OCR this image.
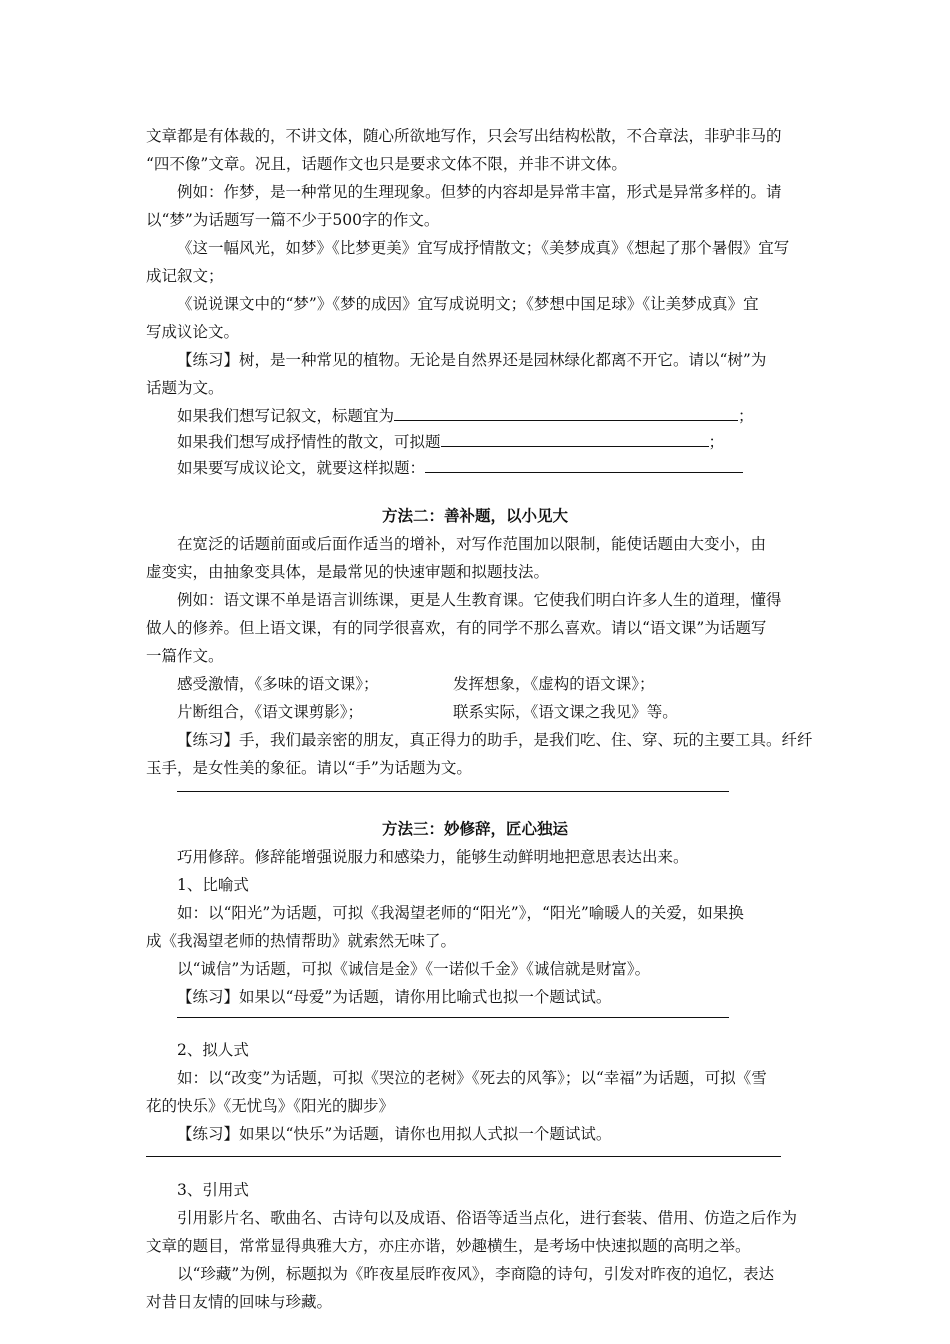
文章都是有体裁的，不讲文体，随心所欲地写作，只会写出结构松散，不合章法，非驴非马的
“四不像”文章。况且，话题作文也只是要求文体不限，并非不讲文体。
例如：作梦，是一种常见的生理现象。但梦的内容却是异常丰富，形式是异常多样的。请
以“梦”为话题写一篇不少于500字的作文。
《这一幅风光，如梦》《比梦更美》宜写成抒情散文；《美梦成真》《想起了那个暑假》宜写
成记叙文；
《说说课文中的“梦”》《梦的成因》宜写成说明文；《梦想中国足球》《让美梦成真》宜
写成议论文。
【练习】树，是一种常见的植物。无论是自然界还是园林绿化都离不开它。请以“树”为
话题为文。
如果我们想写记叙文，标题宜为	；
如果我们想写成抒情性的散文，可拟题	；
如果要写成议论文，就要这样拟题：
方法二：善补题，以小见大
在宽泛的话题前面或后面作适当的增补，对写作范围加以限制，能使话题由大变小，由
虚变实，由抽象变具体，是最常见的快速审题和拟题技法。
例如：语文课不单是语言训练课，更是人生教育课。它使我们明白许多人生的道理，懂得
做人的修养。但上语文课，有的同学很喜欢，有的同学不那么喜欢。请以“语文课”为话题写
一篇作文。
感受激情，《多味的语文课》；	发挥想象，《虚构的语文课》；
片断组合，《语文课剪影》；	联系实际，《语文课之我见》等。
【练习】手，我们最亲密的朋友，真正得力的助手，是我们吃、住、穿、玩的主要工具。纤纤
玉手，是女性美的象征。请以“手”为话题为文。
方法三：妙修辞，匠心独运
巧用修辞。修辞能增强说服力和感染力，能够生动鲜明地把意思表达出来。
1、比喻式
如：以“阳光”为话题，可拟《我渴望老师的“阳光”》，“阳光”喻暖人的关爱，如果换
成《我渴望老师的热情帮助》就索然无味了。
以“诚信”为话题，可拟《诚信是金》《一诺似千金》《诚信就是财富》。
【练习】如果以“母爱”为话题，请你用比喻式也拟一个题试试。
2、拟人式
如：以“改变”为话题，可拟《哭泣的老树》《死去的风筝》；以“幸福”为话题，可拟《雪
花的快乐》《无忧鸟》《阳光的脚步》
【练习】如果以“快乐”为话题，请你也用拟人式拟一个题试试。
3、引用式
引用影片名、歌曲名、古诗句以及成语、俗语等适当点化，进行套装、借用、仿造之后作为
文章的题目，常常显得典雅大方，亦庄亦谐，妙趣横生，是考场中快速拟题的高明之举。
以“珍藏”为例，标题拟为《昨夜星辰昨夜风》，李商隐的诗句，引发对昨夜的追忆，表达
对昔日友情的回味与珍藏。
